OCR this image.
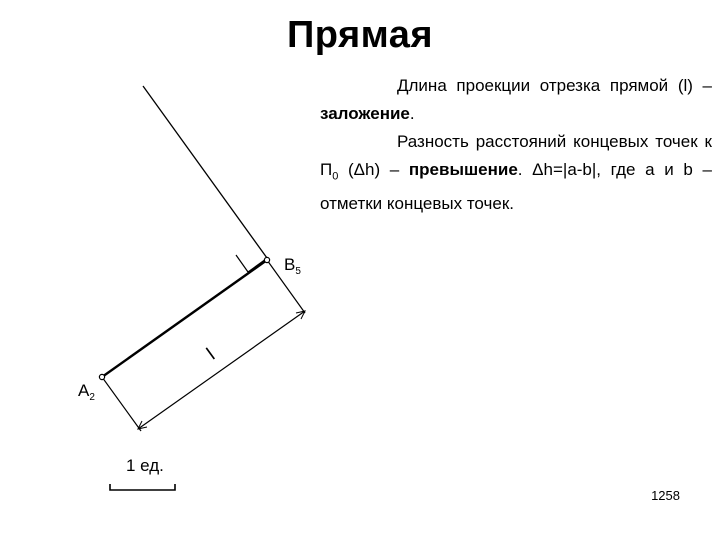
Прямая

Длина проекции отрезка прямой (l) – заложение.

Разность расстояний концевых точек к $П_0$ (Δh) – превышение. Δh=|a-b|, где a и b – отметки концевых точек.

$B_5$
$A_2$
l
1 ед.
1258
